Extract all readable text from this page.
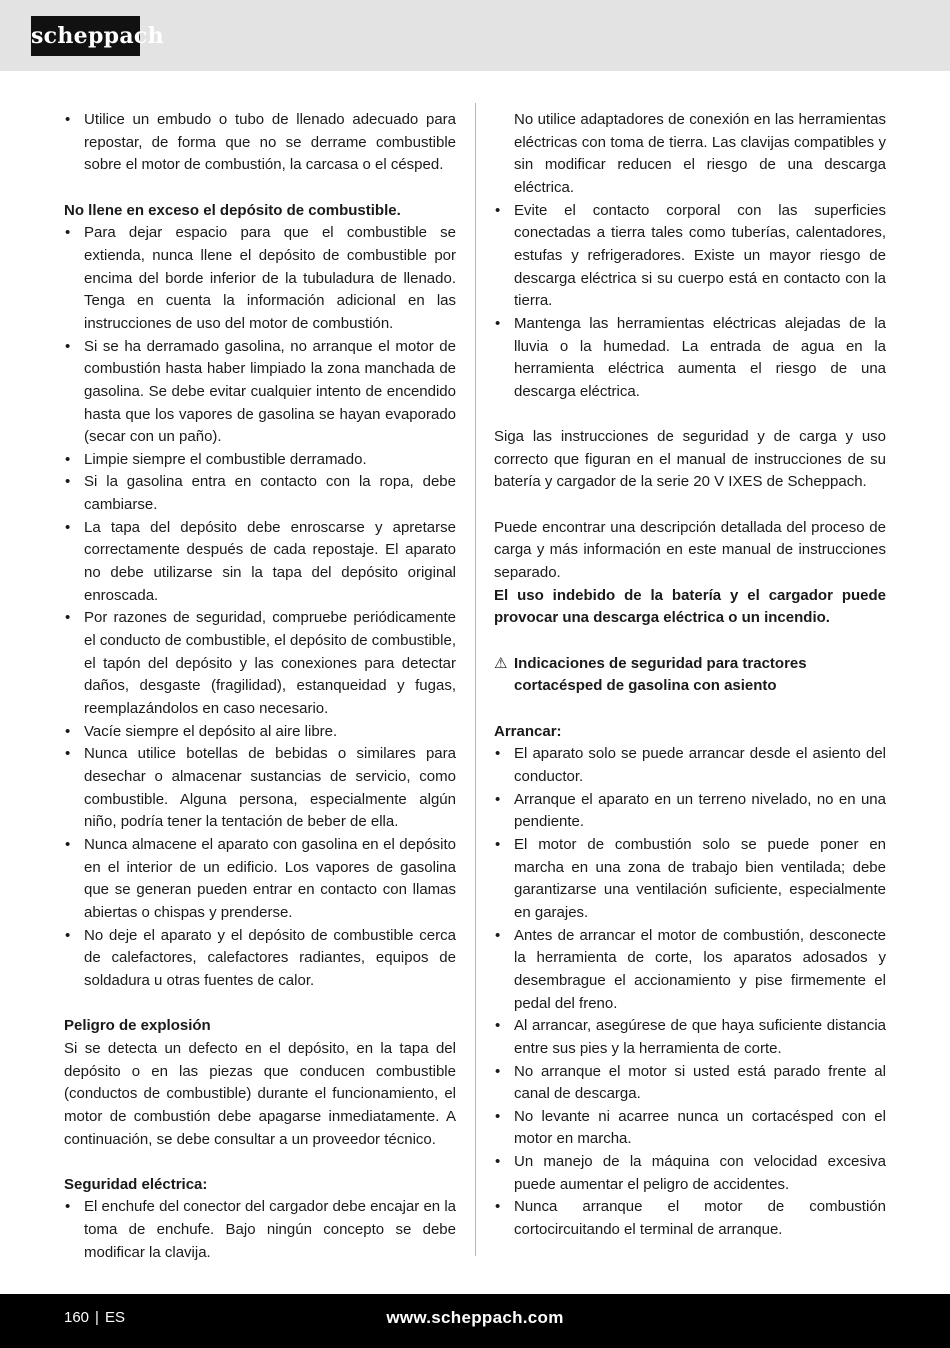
scheppach
• Utilice un embudo o tubo de llenado adecuado para repostar, de forma que no se derrame combustible sobre el motor de combustión, la carcasa o el césped.
No llene en exceso el depósito de combustible.
• Para dejar espacio para que el combustible se extienda, nunca llene el depósito de combustible por encima del borde inferior de la tubuladura de llenado. Tenga en cuenta la información adicional en las instrucciones de uso del motor de combustión.
• Si se ha derramado gasolina, no arranque el motor de combustión hasta haber limpiado la zona manchada de gasolina. Se debe evitar cualquier intento de encendido hasta que los vapores de gasolina se hayan evaporado (secar con un paño).
• Limpie siempre el combustible derramado.
• Si la gasolina entra en contacto con la ropa, debe cambiarse.
• La tapa del depósito debe enroscarse y apretarse correctamente después de cada repostaje. El aparato no debe utilizarse sin la tapa del depósito original enroscada.
• Por razones de seguridad, compruebe periódicamente el conducto de combustible, el depósito de combustible, el tapón del depósito y las conexiones para detectar daños, desgaste (fragilidad), estanqueidad y fugas, reemplazándolos en caso necesario.
• Vacíe siempre el depósito al aire libre.
• Nunca utilice botellas de bebidas o similares para desechar o almacenar sustancias de servicio, como combustible. Alguna persona, especialmente algún niño, podría tener la tentación de beber de ella.
• Nunca almacene el aparato con gasolina en el depósito en el interior de un edificio. Los vapores de gasolina que se generan pueden entrar en contacto con llamas abiertas o chispas y prenderse.
• No deje el aparato y el depósito de combustible cerca de calefactores, calefactores radiantes, equipos de soldadura u otras fuentes de calor.
Peligro de explosión

Si se detecta un defecto en el depósito, en la tapa del depósito o en las piezas que conducen combustible (conductos de combustible) durante el funcionamiento, el motor de combustión debe apagarse inmediatamente. A continuación, se debe consultar a un proveedor técnico.

Seguridad eléctrica:
• El enchufe del conector del cargador debe encajar en la toma de enchufe. Bajo ningún concepto se debe modificar la clavija.

No utilice adaptadores de conexión en las herramientas eléctricas con toma de tierra. Las clavijas compatibles y sin modificar reducen el riesgo de una descarga eléctrica.

• Evite el contacto corporal con las superficies conectadas a tierra tales como tuberías, calentadores, estufas y refrigeradores. Existe un mayor riesgo de descarga eléctrica si su cuerpo está en contacto con la tierra.
• Mantenga las herramientas eléctricas alejadas de la lluvia o la humedad. La entrada de agua en la herramienta eléctrica aumenta el riesgo de una descarga eléctrica.

Siga las instrucciones de seguridad y de carga y uso correcto que figuran en el manual de instrucciones de su batería y cargador de la serie 20 V IXES de Scheppach.

Puede encontrar una descripción detallada del proceso de carga y más información en este manual de instrucciones separado.

El uso indebido de la batería y el cargador puede provocar una descarga eléctrica o un incendio.

⚠ Indicaciones de seguridad para tractores cortacésped de gasolina con asiento
Arrancar:
• El aparato solo se puede arrancar desde el asiento del conductor.
• Arranque el aparato en un terreno nivelado, no en una pendiente.
• El motor de combustión solo se puede poner en marcha en una zona de trabajo bien ventilada; debe garantizarse una ventilación suficiente, especialmente en garajes.
• Antes de arrancar el motor de combustión, desconecte la herramienta de corte, los aparatos adosados y desembrague el accionamiento y pise firmemente el pedal del freno.
• Al arrancar, asegúrese de que haya suficiente distancia entre sus pies y la herramienta de corte.
• No arranque el motor si usted está parado frente al canal de descarga.
• No levante ni acarree nunca un cortacésped con el motor en marcha.
• Un manejo de la máquina con velocidad excesiva puede aumentar el peligro de accidentes.
• Nunca arranque el motor de combustión cortocircuitando el terminal de arranque.
160 | ES	www.scheppach.com
